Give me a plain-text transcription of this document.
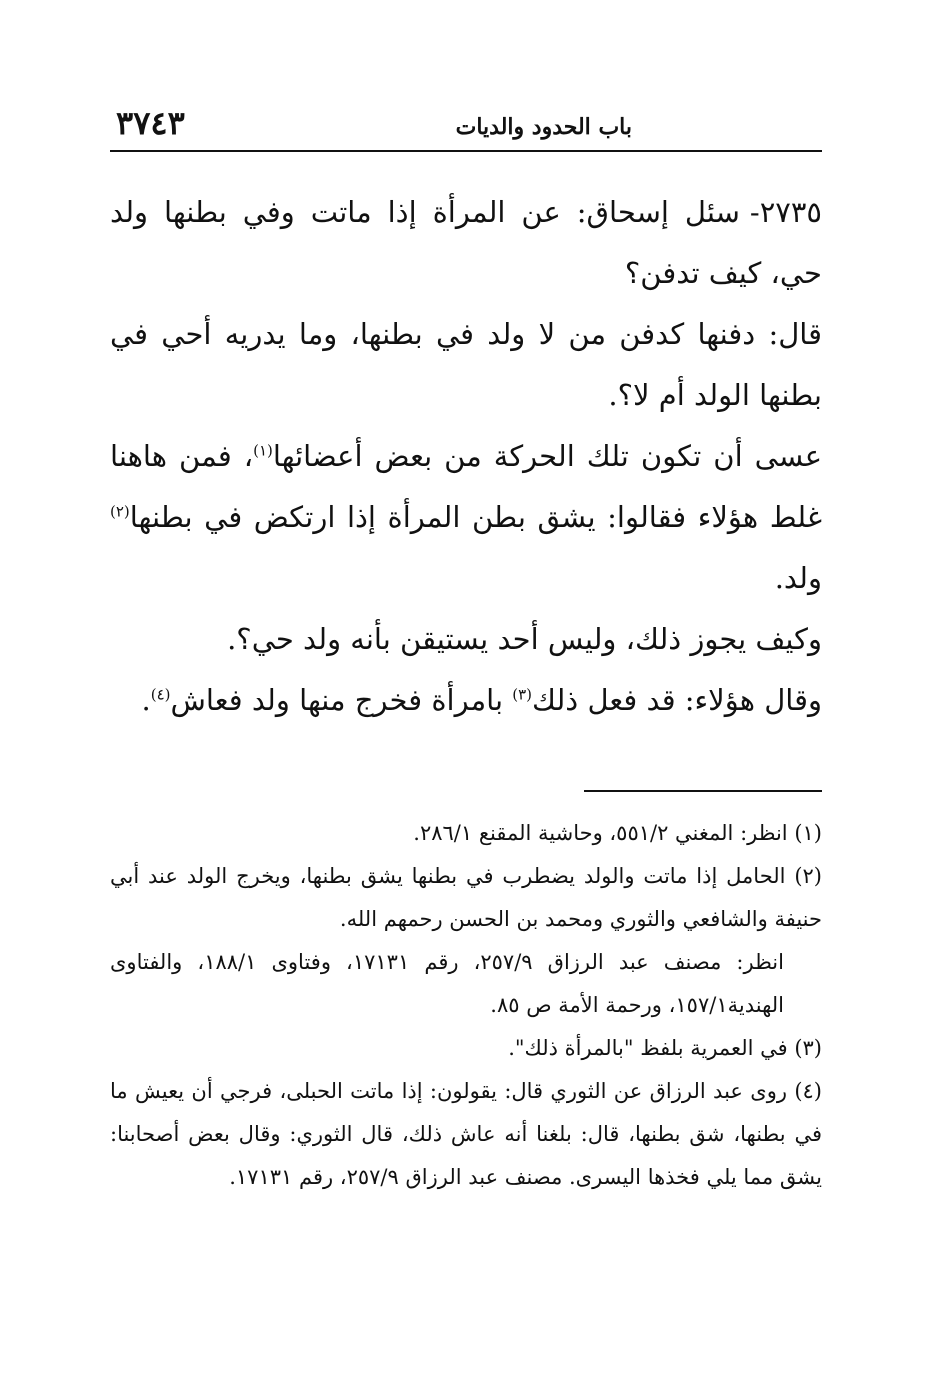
باب الحدود والديات
٣٧٤٣

٢٧٣٥-سئل إسحاق: عن المرأة إذا ماتت وفي بطنها ولد حي، كيف تدفن؟

قال: دفنها كدفن من لا ولد في بطنها، وما يدريه أحي في بطنها الولد أم لا؟.

عسى أن تكون تلك الحركة من بعض أعضائها$^{(١)}$، فمن هاهنا غلط هؤلاء فقالوا: يشق بطن المرأة إذا ارتكض في بطنها$^{(٢)}$ ولد.

وكيف يجوز ذلك، وليس أحد يستيقن بأنه ولد حي؟.

وقال هؤلاء: قد فعل ذلك$^{(٣)}$ بامرأة فخرج منها ولد فعاش$^{(٤)}$.

(١) انظر: المغني ٥٥١/٢، وحاشية المقنع ٢٨٦/١.

(٢) الحامل إذا ماتت والولد يضطرب في بطنها يشق بطنها، ويخرج الولد عند أبي حنيفة والشافعي والثوري ومحمد بن الحسن رحمهم الله.

انظر: مصنف عبد الرزاق ٢٥٧/٩، رقم ١٧١٣١، وفتاوى ١٨٨/١، والفتاوى الهندية١٥٧/١، ورحمة الأمة ص ٨٥.

(٣) في العمرية بلفظ "بالمرأة ذلك".

(٤) روى عبد الرزاق عن الثوري قال: يقولون: إذا ماتت الحبلى، فرجي أن يعيش ما في بطنها، شق بطنها، قال: بلغنا أنه عاش ذلك، قال الثوري: وقال بعض أصحابنا: يشق مما يلي فخذها اليسرى. مصنف عبد الرزاق ٢٥٧/٩، رقم ١٧١٣١.
